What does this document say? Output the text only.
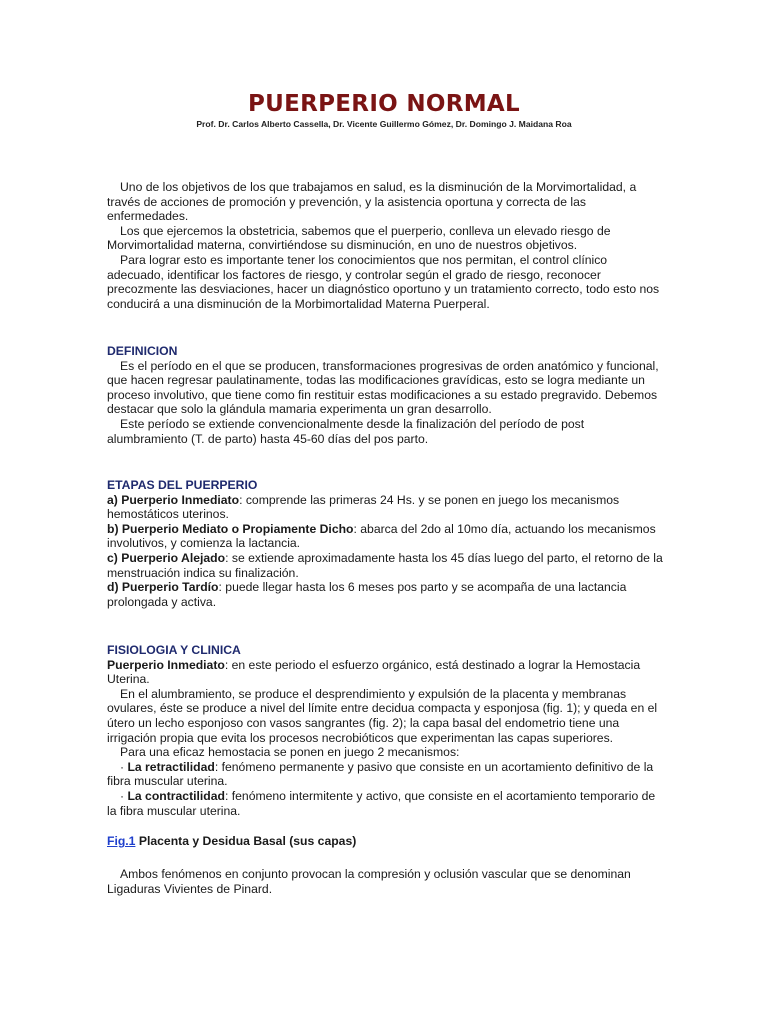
PUERPERIO NORMAL
Prof. Dr. Carlos Alberto Cassella, Dr. Vicente Guillermo Gómez, Dr. Domingo J. Maidana Roa

Uno de los objetivos de los que trabajamos en salud, es la disminución de la Morvimortalidad, a través de acciones de promoción y prevención, y la asistencia oportuna y correcta de las enfermedades.

Los que ejercemos la obstetricia, sabemos que el puerperio, conlleva un elevado riesgo de Morvimortalidad materna, convirtiéndose su disminución, en uno de nuestros objetivos.

Para lograr esto es importante tener los conocimientos que nos permitan, el control clínico adecuado, identificar los factores de riesgo, y controlar según el grado de riesgo, reconocer precozmente las desviaciones, hacer un diagnóstico oportuno y un tratamiento correcto, todo esto nos conducirá a una disminución de la Morbimortalidad Materna Puerperal.

DEFINICION

Es el período en el que se producen, transformaciones progresivas de orden anatómico y funcional, que hacen regresar paulatinamente, todas las modificaciones gravídicas, esto se logra mediante un proceso involutivo, que tiene como fin restituir estas modificaciones a su estado pregravido. Debemos destacar que solo la glándula mamaria experimenta un gran desarrollo.

Este período se extiende convencionalmente desde la finalización del período de post alumbramiento (T. de parto) hasta 45-60 días del pos parto.

ETAPAS DEL PUERPERIO

a) Puerperio Inmediato: comprende las primeras 24 Hs. y se ponen en juego los mecanismos hemostáticos uterinos.

b) Puerperio Mediato o Propiamente Dicho: abarca del 2do al 10mo día, actuando los mecanismos involutivos, y comienza la lactancia.

c) Puerperio Alejado: se extiende aproximadamente hasta los 45 días luego del parto, el retorno de la menstruación indica su finalización.

d) Puerperio Tardío: puede llegar hasta los 6 meses pos parto y se acompaña de una lactancia prolongada y activa.

FISIOLOGIA Y CLINICA

Puerperio Inmediato: en este periodo el esfuerzo orgánico, está destinado a lograr la Hemostacia Uterina.

En el alumbramiento, se produce el desprendimiento y expulsión de la placenta y membranas ovulares, éste se produce a nivel del límite entre decidua compacta y esponjosa (fig. 1); y queda en el útero un lecho esponjoso con vasos sangrantes (fig. 2); la capa basal del endometrio tiene una irrigación propia que evita los procesos necrobióticos que experimentan las capas superiores.

Para una eficaz hemostacia se ponen en juego 2 mecanismos:

· La retractilidad: fenómeno permanente y pasivo que consiste en un acortamiento definitivo de la fibra muscular uterina.

· La contractilidad: fenómeno intermitente y activo, que consiste en el acortamiento temporario de la fibra muscular uterina.

Fig.1 Placenta y Desidua Basal (sus capas)

Ambos fenómenos en conjunto provocan la compresión y oclusión vascular que se denominan Ligaduras Vivientes de Pinard.
